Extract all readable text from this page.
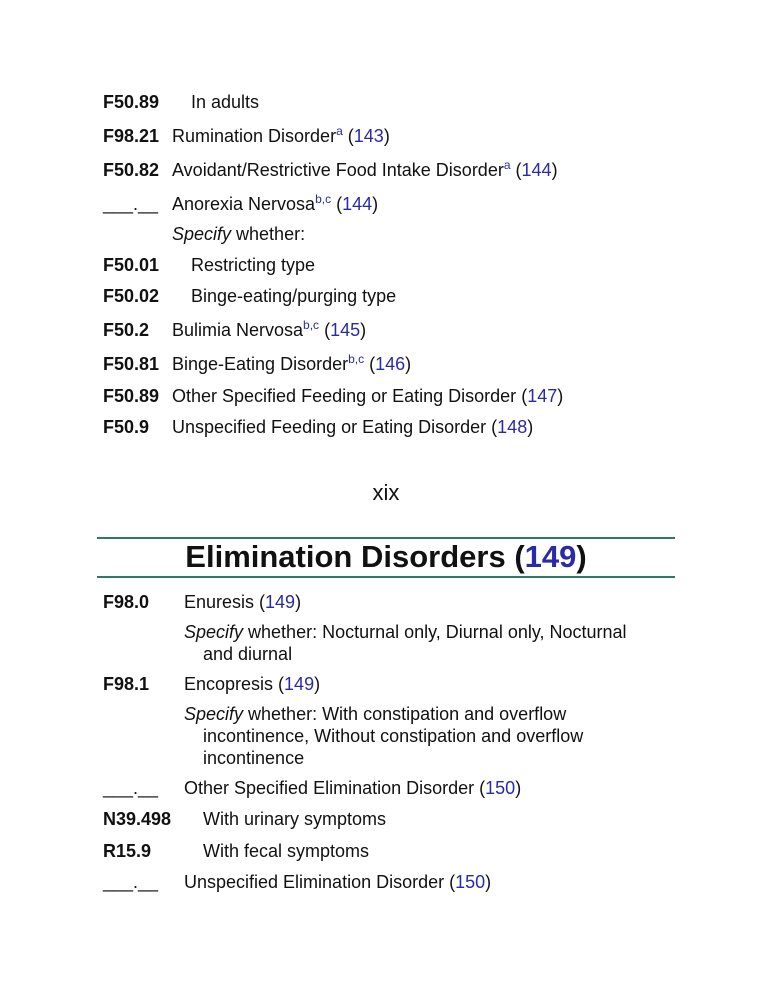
F50.89 In adults
F98.21 Rumination Disorder$^a$ (143)
F50.82 Avoidant/Restrictive Food Intake Disorder$^a$ (144)
___.__ Anorexia Nervosa$^{b,c}$ (144)
Specify whether:
F50.01 Restricting type
F50.02 Binge-eating/purging type
F50.2 Bulimia Nervosa$^{b,c}$ (145)
F50.81 Binge-Eating Disorder$^{b,c}$ (146)
F50.89 Other Specified Feeding or Eating Disorder (147)
F50.9 Unspecified Feeding or Eating Disorder (148)
xix
Elimination Disorders (149)
F98.0 Enuresis (149)
Specify whether: Nocturnal only, Diurnal only, Nocturnal
and diurnal
F98.1 Encopresis (149)
Specify whether: With constipation and overflow
incontinence, Without constipation and overflow
incontinence
___.__ Other Specified Elimination Disorder (150)
N39.498 With urinary symptoms
R15.9	With fecal symptoms
___.__ Unspecified Elimination Disorder (150)
